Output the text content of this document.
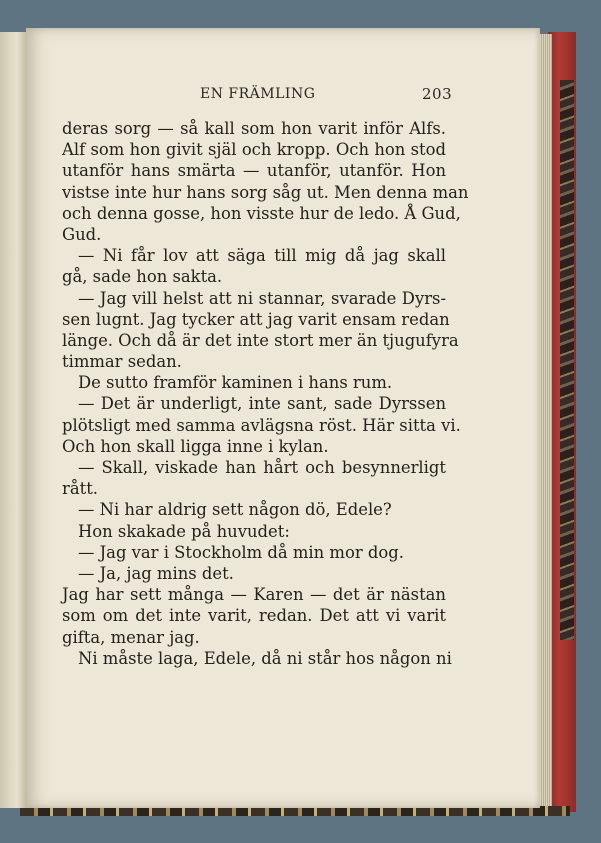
EN FRÄMLING	203
deras sorg — så kall som hon varit inför Alfs.
Alf som hon givit själ och kropp. Och hon stod
utanför hans smärta — utanför, utanför. Hon
vistse inte hur hans sorg såg ut. Men denna man
och denna gosse, hon visste hur de ledo. Å Gud,
Gud.
— Ni får lov att säga till mig då jag skall
gå, sade hon sakta.
— Jag vill helst att ni stannar, svarade Dyrs-
sen lugnt. Jag tycker att jag varit ensam redan
länge. Och då är det inte stort mer än tjugufyra
timmar sedan.
De sutto framför kaminen i hans rum.
— Det är underligt, inte sant, sade Dyrssen
plötsligt med samma avlägsna röst. Här sitta vi.
Och hon skall ligga inne i kylan.
— Skall, viskade han hårt och besynnerligt
rått.
— Ni har aldrig sett någon dö, Edele?
Hon skakade på huvudet:
— Jag var i Stockholm då min mor dog.
— Ja, jag mins det.
Jag har sett många — Karen — det är nästan
som om det inte varit, redan. Det att vi varit
gifta, menar jag.
Ni måste laga, Edele, då ni står hos någon ni
